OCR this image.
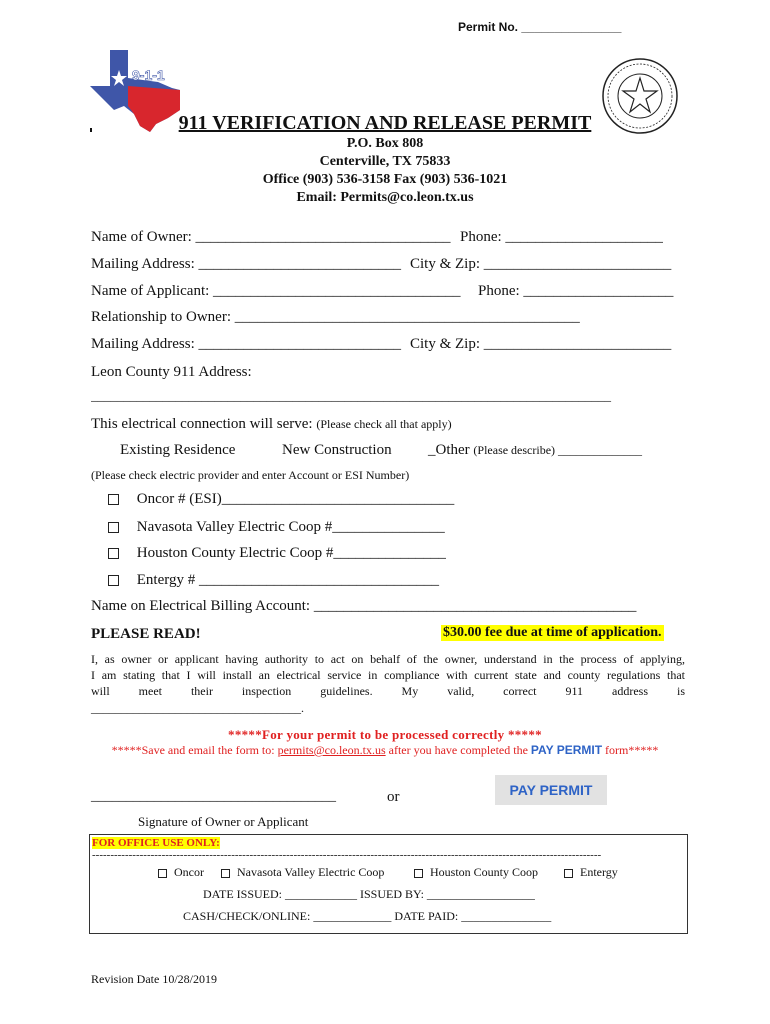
Permit No. _______________
9-1-1
911 VERIFICATION AND RELEASE PERMIT
P.O. Box 808
Centerville, TX 75833
Office (903) 536-3158 Fax (903) 536-1021
Email: Permits@co.leon.tx.us
Name of Owner: __________________________________ Phone: _____________________
Mailing Address: ___________________________ City & Zip: _________________________
Name of Applicant: _________________________________ Phone: ____________________
Relationship to Owner: ______________________________________________
Mailing Address: ___________________________ City & Zip: _________________________
Leon County 911 Address:
________________________________________________________________________________
This electrical connection will serve: (Please check all that apply)
Existing Residence	New Construction _Other (Please describe) ______________
(Please check electric provider and enter Account or ESI Number)
Oncor # (ESI)_______________________________
Navasota Valley Electric Coop #_______________
Houston County Electric Coop #_______________
Entergy # ________________________________
Name on Electrical Billing Account: ___________________________________________
PLEASE READ!	$30.00 fee due at time of application.
I, as owner or applicant having authority to act on behalf of the owner, understand in the process of applying,
I am stating that I will install an electrical service in compliance with current state and county regulations that
will meet their inspection guidelines. My valid, correct 911 address is
___________________________________.
*****For your permit to be processed correctly *****
*****Save and email the form to: permits@co.leon.tx.us after you have completed the PAY PERMIT form*****
___________________________________	or	PAY PERMIT
Signature of Owner or Applicant
FOR OFFICE USE ONLY:
-------------------------------------------------------------------------------------------------------------------------------------------
Oncor	Navasota Valley Electric Coop	Houston County Coop	Entergy
DATE ISSUED: ____________ ISSUED BY: __________________
CASH/CHECK/ONLINE: _____________ DATE PAID: _______________
Revision Date 10/28/2019
